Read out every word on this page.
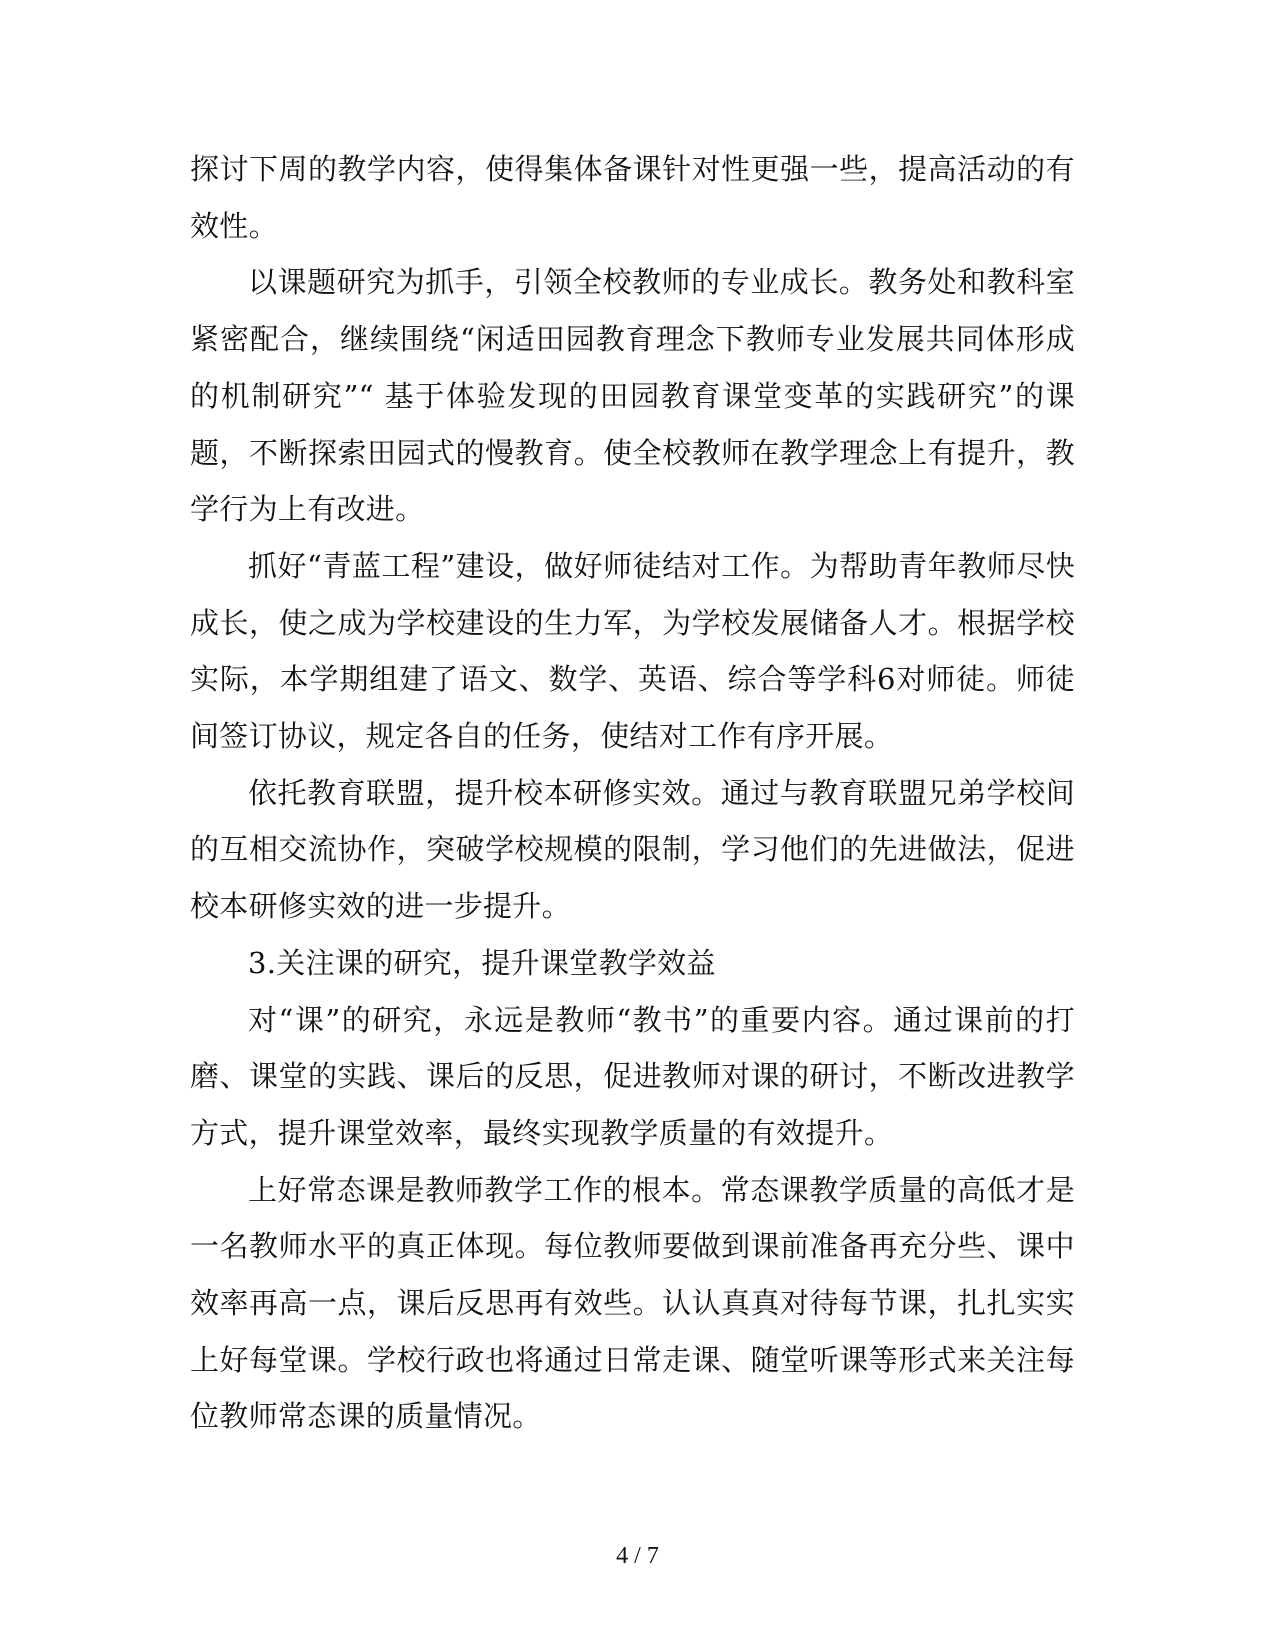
探讨下周的教学内容，使得集体备课针对性更强一些，提高活动的有效性。

以课题研究为抓手，引领全校教师的专业成长。教务处和教科室紧密配合，继续围绕“闲适田园教育理念下教师专业发展共同体形成的机制研究”“ 基于体验发现的田园教育课堂变革的实践研究”的课题，不断探索田园式的慢教育。使全校教师在教学理念上有提升，教学行为上有改进。

抓好“青蓝工程”建设，做好师徒结对工作。为帮助青年教师尽快成长，使之成为学校建设的生力军，为学校发展储备人才。根据学校实际，本学期组建了语文、数学、英语、综合等学科6对师徒。师徒间签订协议，规定各自的任务，使结对工作有序开展。

依托教育联盟，提升校本研修实效。通过与教育联盟兄弟学校间的互相交流协作，突破学校规模的限制，学习他们的先进做法，促进校本研修实效的进一步提升。

3.关注课的研究，提升课堂教学效益

对“课”的研究，永远是教师“教书”的重要内容。通过课前的打磨、课堂的实践、课后的反思，促进教师对课的研讨，不断改进教学方式，提升课堂效率，最终实现教学质量的有效提升。

上好常态课是教师教学工作的根本。常态课教学质量的高低才是一名教师水平的真正体现。每位教师要做到课前准备再充分些、课中效率再高一点，课后反思再有效些。认认真真对待每节课，扎扎实实上好每堂课。学校行政也将通过日常走课、随堂听课等形式来关注每位教师常态课的质量情况。

4 / 7
